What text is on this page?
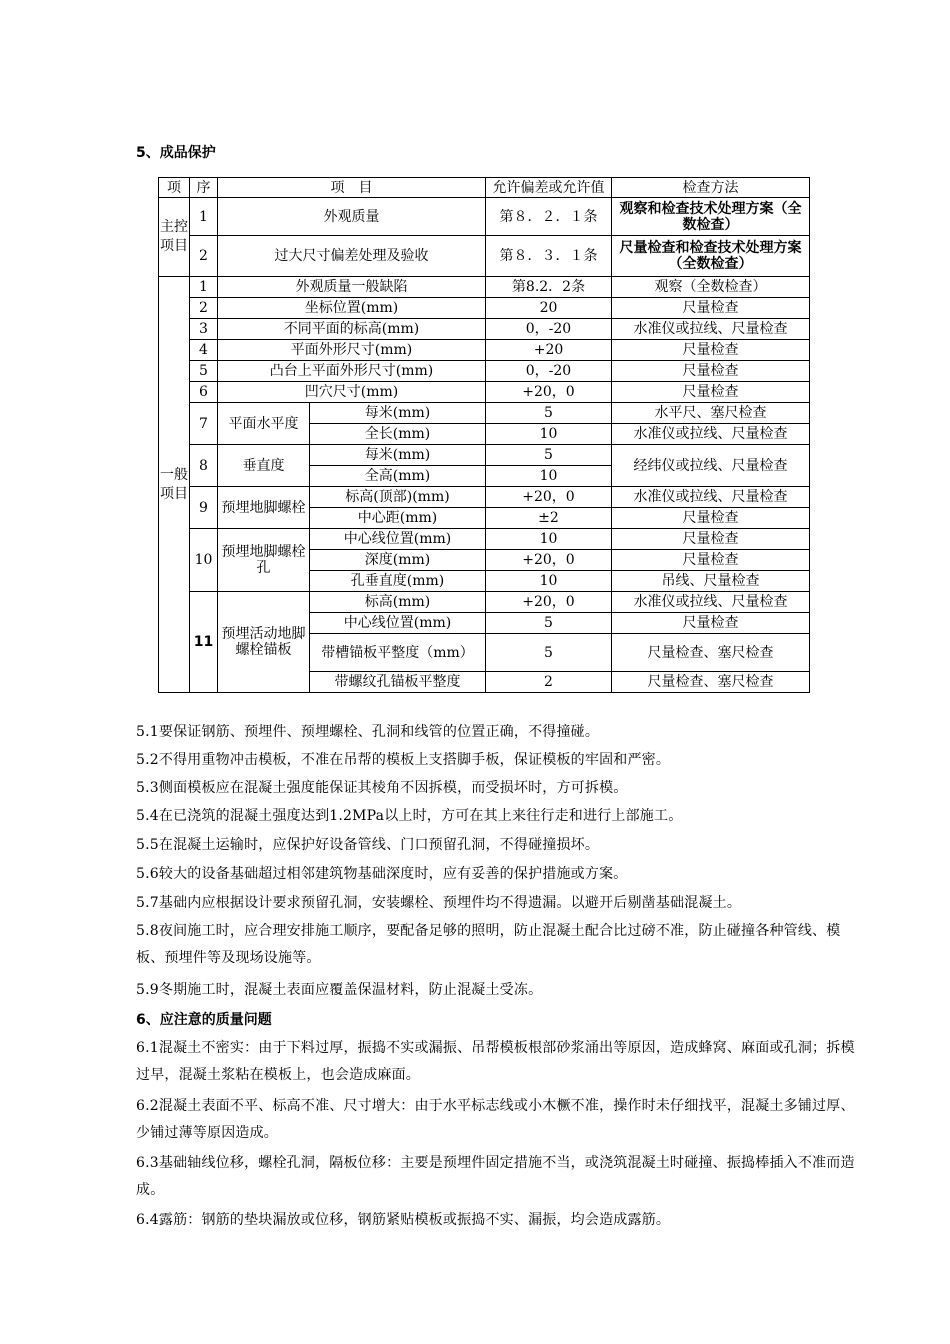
5、成品保护
项	序	项　目		允许偏差或允许值	检查方法
主控项目	1	外观质量		第８．２．１条	观察和检查技术处理方案（全数检查）
	2	过大尺寸偏差处理及验收		第８．３．１条	尺量检查和检查技术处理方案（全数检查）
一般项目	1	外观质量一般缺陷		第8.2．2条	观察（全数检查）
	2	坐标位置(mm)		20	尺量检查
	3	不同平面的标高(mm)		0，-20	水准仪或拉线、尺量检查
	4	平面外形尺寸(mm)		+20	尺量检查
	5	凸台上平面外形尺寸(mm)		0，-20	尺量检查
	6	凹穴尺寸(mm)		+20，0	尺量检查
	7	平面水平度	每米(mm)	5	水平尺、塞尺检查
			全长(mm)	10	水准仪或拉线、尺量检查
	8	垂直度	每米(mm)	5	经纬仪或拉线、尺量检查
			全高(mm)	10	
	9	预埋地脚螺栓	标高(顶部)(mm)	+20，0	水准仪或拉线、尺量检查
			中心距(mm)	±2	尺量检查
	10	预埋地脚螺栓孔	中心线位置(mm)	10	尺量检查
			深度(mm)	+20，0	尺量检查
			孔垂直度(mm)	10	吊线、尺量检查
	11	预埋活动地脚螺栓锚板	标高(mm)	+20，0	水准仪或拉线、尺量检查
			中心线位置(mm)	5	尺量检查
			带槽锚板平整度（mm）	5	尺量检查、塞尺检查
			带螺纹孔锚板平整度	2	尺量检查、塞尺检查
5.1要保证钢筋、预埋件、预埋螺栓、孔洞和线管的位置正确，不得撞碰。
5.2不得用重物冲击模板，不准在吊帮的模板上支搭脚手板，保证模板的牢固和严密。
5.3侧面模板应在混凝土强度能保证其棱角不因拆模，而受损坏时，方可拆模。
5.4在已浇筑的混凝土强度达到1.2MPa以上时，方可在其上来往行走和进行上部施工。
5.5在混凝土运输时，应保护好设备管线、门口预留孔洞，不得碰撞损坏。
5.6较大的设备基础超过相邻建筑物基础深度时，应有妥善的保护措施或方案。
5.7基础内应根据设计要求预留孔洞，安装螺栓、预埋件均不得遗漏。以避开后剔凿基础混凝土。
5.8夜间施工时，应合理安排施工顺序，要配备足够的照明，防止混凝土配合比过磅不准，防止碰撞各种管线、模板、预埋件等及现场设施等。
5.9冬期施工时，混凝土表面应覆盖保温材料，防止混凝土受冻。
6、应注意的质量问题
6.1混凝土不密实：由于下料过厚，振捣不实或漏振、吊帮模板根部砂浆涌出等原因，造成蜂窝、麻面或孔洞；拆模过早，混凝土浆粘在模板上，也会造成麻面。
6.2混凝土表面不平、标高不准、尺寸增大：由于水平标志线或小木橛不准，操作时未仔细找平，混凝土多铺过厚、少铺过薄等原因造成。
6.3基础轴线位移，螺栓孔洞，隔板位移：主要是预埋件固定措施不当，或浇筑混凝土时碰撞、振捣棒插入不准而造成。
6.4露筋：钢筋的垫块漏放或位移，钢筋紧贴模板或振捣不实、漏振，均会造成露筋。
